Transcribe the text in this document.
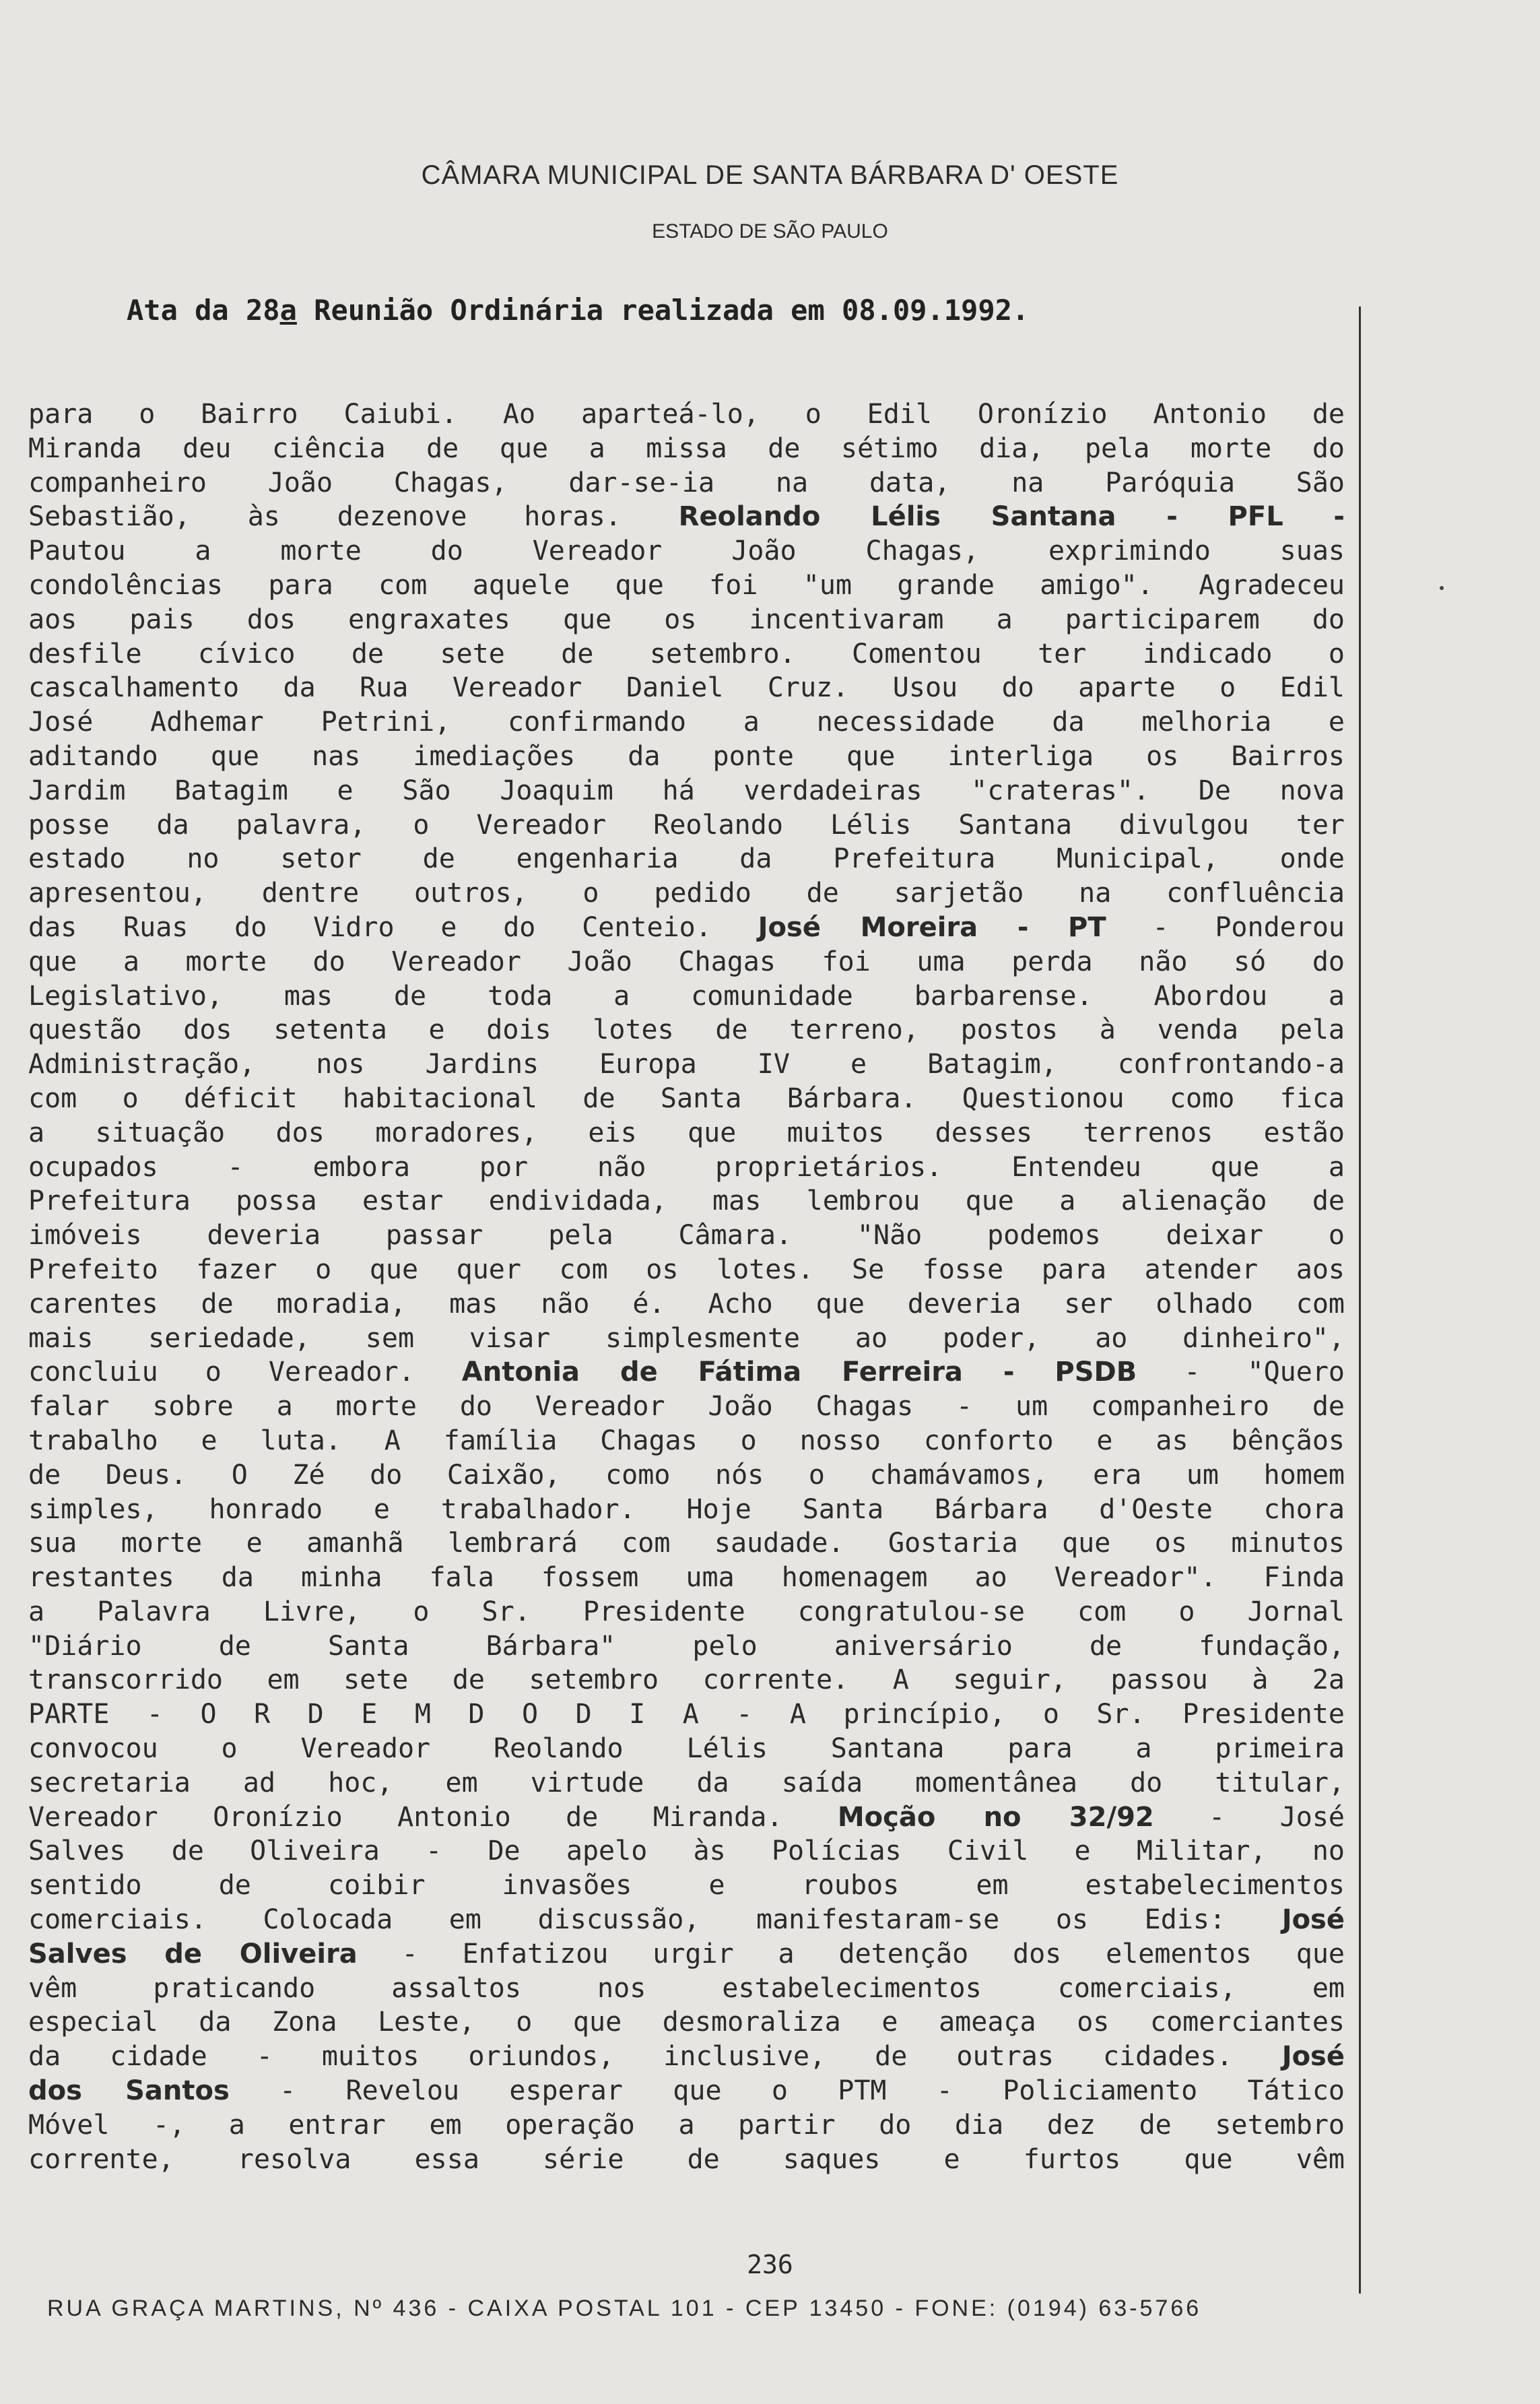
CÂMARA MUNICIPAL DE SANTA BÁRBARA D' OESTE
ESTADO DE SÃO PAULO
Ata da 28a Reunião Ordinária realizada em 08.09.1992.
para o Bairro Caiubi. Ao aparteá-lo, o Edil Oronízio Antonio de
Miranda deu ciência de que a missa de sétimo dia, pela morte do
companheiro João Chagas, dar-se-ia na data, na Paróquia São
Sebastião, às dezenove horas. Reolando Lélis Santana - PFL -
Pautou a morte do Vereador João Chagas, exprimindo suas
condolências para com aquele que foi "um grande amigo". Agradeceu
aos pais dos engraxates que os incentivaram a participarem do
desfile cívico de sete de setembro. Comentou ter indicado o
cascalhamento da Rua Vereador Daniel Cruz. Usou do aparte o Edil
José Adhemar Petrini, confirmando a necessidade da melhoria e
aditando que nas imediações da ponte que interliga os Bairros
Jardim Batagim e São Joaquim há verdadeiras "crateras". De nova
posse da palavra, o Vereador Reolando Lélis Santana divulgou ter
estado no setor de engenharia da Prefeitura Municipal, onde
apresentou, dentre outros, o pedido de sarjetão na confluência
das Ruas do Vidro e do Centeio. José Moreira - PT - Ponderou
que a morte do Vereador João Chagas foi uma perda não só do
Legislativo, mas de toda a comunidade barbarense. Abordou a
questão dos setenta e dois lotes de terreno, postos à venda pela
Administração, nos Jardins Europa IV e Batagim, confrontando-a
com o déficit habitacional de Santa Bárbara. Questionou como fica
a situação dos moradores, eis que muitos desses terrenos estão
ocupados - embora por não proprietários. Entendeu que a
Prefeitura possa estar endividada, mas lembrou que a alienação de
imóveis deveria passar pela Câmara. "Não podemos deixar o
Prefeito fazer o que quer com os lotes. Se fosse para atender aos
carentes de moradia, mas não é. Acho que deveria ser olhado com
mais seriedade, sem visar simplesmente ao poder, ao dinheiro",
concluiu o Vereador. Antonia de Fátima Ferreira - PSDB - "Quero
falar sobre a morte do Vereador João Chagas - um companheiro de
trabalho e luta. A família Chagas o nosso conforto e as bênçãos
de Deus. O Zé do Caixão, como nós o chamávamos, era um homem
simples, honrado e trabalhador. Hoje Santa Bárbara d'Oeste chora
sua morte e amanhã lembrará com saudade. Gostaria que os minutos
restantes da minha fala fossem uma homenagem ao Vereador". Finda
a Palavra Livre, o Sr. Presidente congratulou-se com o Jornal
"Diário de Santa Bárbara" pelo aniversário de fundação,
transcorrido em sete de setembro corrente. A seguir, passou à 2a
PARTE - O R D E M D O D I A - A princípio, o Sr. Presidente
convocou o Vereador Reolando Lélis Santana para a primeira
secretaria ad hoc, em virtude da saída momentânea do titular,
Vereador Oronízio Antonio de Miranda. Moção no 32/92 - José
Salves de Oliveira - De apelo às Polícias Civil e Militar, no
sentido de coibir invasões e roubos em estabelecimentos
comerciais. Colocada em discussão, manifestaram-se os Edis: José
Salves de Oliveira - Enfatizou urgir a detenção dos elementos que
vêm praticando assaltos nos estabelecimentos comerciais, em
especial da Zona Leste, o que desmoraliza e ameaça os comerciantes
da cidade - muitos oriundos, inclusive, de outras cidades. José
dos Santos - Revelou esperar que o PTM - Policiamento Tático
Móvel -, a entrar em operação a partir do dia dez de setembro
corrente, resolva essa série de saques e furtos que vêm
236
RUA GRAÇA MARTINS, Nº 436 - CAIXA POSTAL 101 - CEP 13450 - FONE: (0194) 63-5766
